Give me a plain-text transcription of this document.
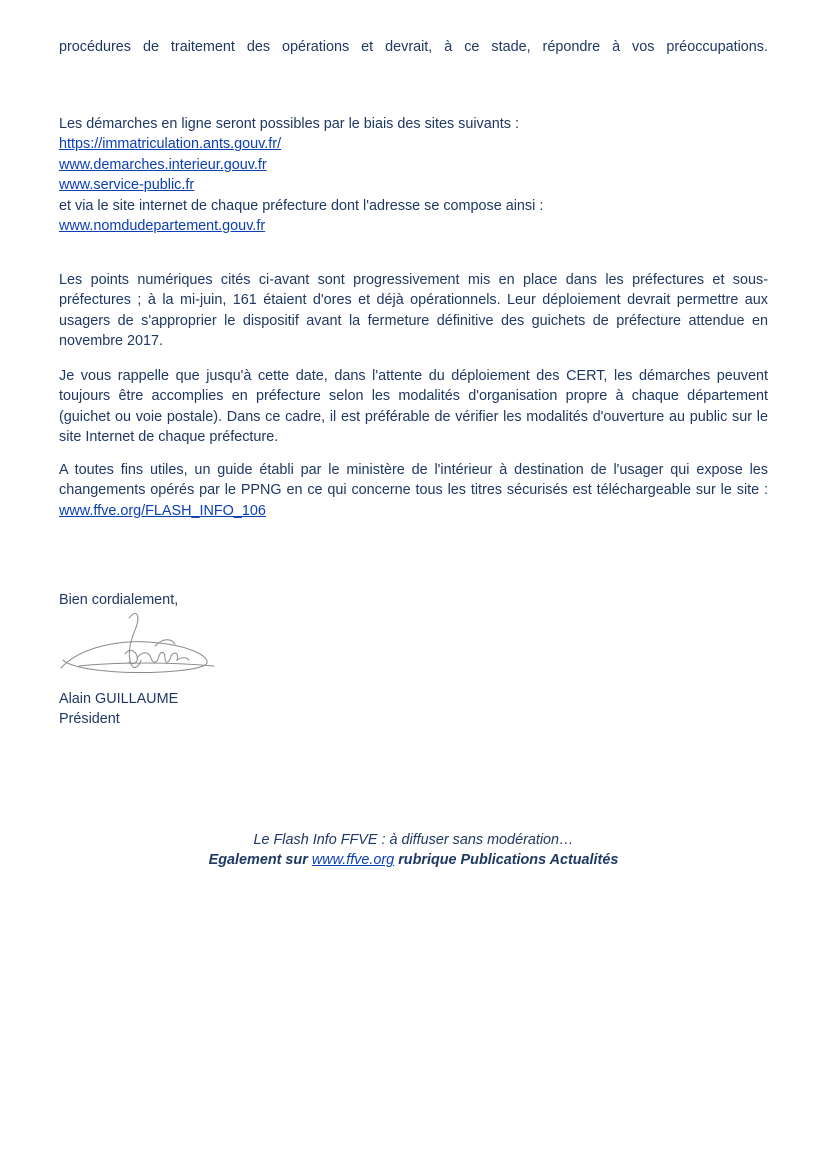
procédures de traitement des opérations et devrait, à ce stade, répondre à vos préoccupations.

Les démarches en ligne seront possibles par le biais des sites suivants :
https://immatriculation.ants.gouv.fr/
www.demarches.interieur.gouv.fr
www.service-public.fr
et via le site internet de chaque préfecture dont l'adresse se compose ainsi :
www.nomdudepartement.gouv.fr

Les points numériques cités ci-avant sont progressivement mis en place dans les préfectures et sous-préfectures ; à la mi-juin, 161 étaient d'ores et déjà opérationnels. Leur déploiement devrait permettre aux usagers de s'approprier le dispositif avant la fermeture définitive des guichets de préfecture attendue en novembre 2017.

Je vous rappelle que jusqu'à cette date, dans l'attente du déploiement des CERT, les démarches peuvent toujours être accomplies en préfecture selon les modalités d'organisation propre à chaque département (guichet ou voie postale). Dans ce cadre, il est préférable de vérifier les modalités d'ouverture au public sur le site Internet de chaque préfecture.

A toutes fins utiles, un guide établi par le ministère de l'intérieur à destination de l'usager qui expose les changements opérés par le PPNG en ce qui concerne tous les titres sécurisés est téléchargeable sur le site : www.ffve.org/FLASH_INFO_106

Bien cordialement,
Alain GUILLAUME
Président
Le Flash Info FFVE : à diffuser sans modération…
Egalement sur www.ffve.org rubrique Publications Actualités
